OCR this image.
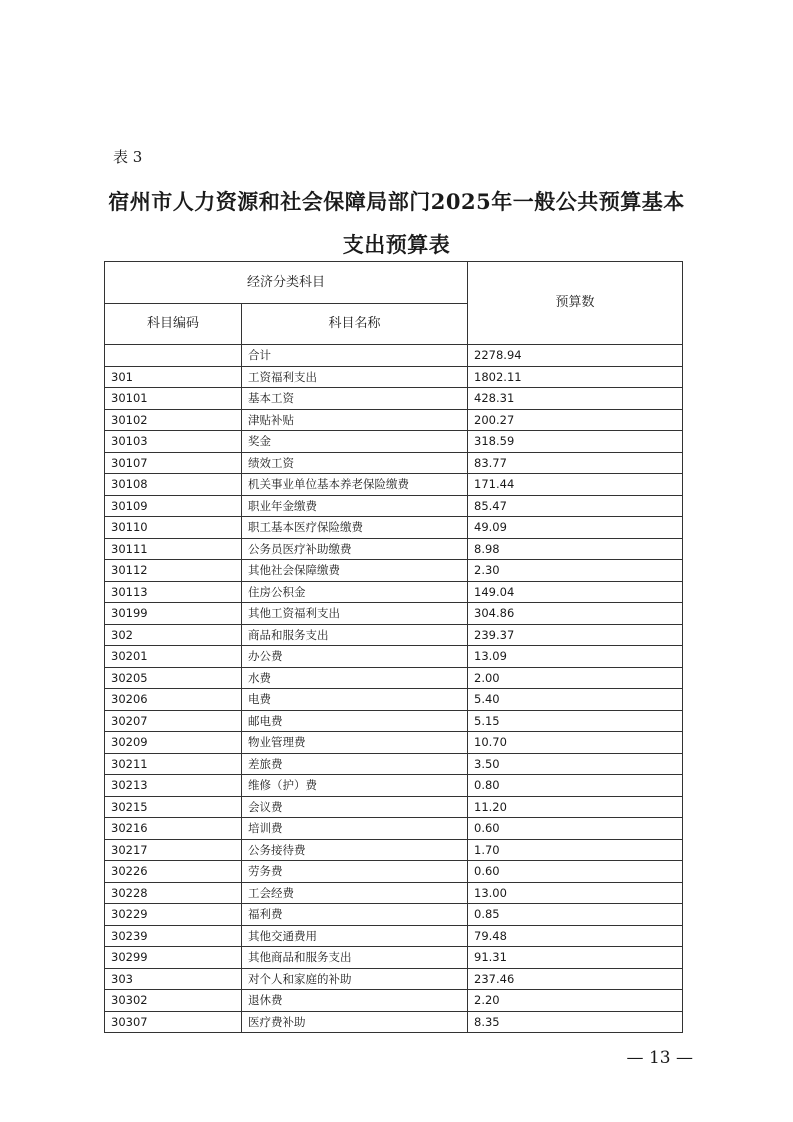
表 3
宿州市人力资源和社会保障局部门2025年一般公共预算基本
支出预算表
经济分类科目		预算数
科目编码	科目名称	
	合计	2278.94
301	工资福利支出	1802.11
30101	基本工资	428.31
30102	津贴补贴	200.27
30103	奖金	318.59
30107	绩效工资	83.77
30108	机关事业单位基本养老保险缴费	171.44
30109	职业年金缴费	85.47
30110	职工基本医疗保险缴费	49.09
30111	公务员医疗补助缴费	8.98
30112	其他社会保障缴费	2.30
30113	住房公积金	149.04
30199	其他工资福利支出	304.86
302	商品和服务支出	239.37
30201	办公费	13.09
30205	水费	2.00
30206	电费	5.40
30207	邮电费	5.15
30209	物业管理费	10.70
30211	差旅费	3.50
30213	维修（护）费	0.80
30215	会议费	11.20
30216	培训费	0.60
30217	公务接待费	1.70
30226	劳务费	0.60
30228	工会经费	13.00
30229	福利费	0.85
30239	其他交通费用	79.48
30299	其他商品和服务支出	91.31
303	对个人和家庭的补助	237.46
30302	退休费	2.20
30307	医疗费补助	8.35
— 13 —
